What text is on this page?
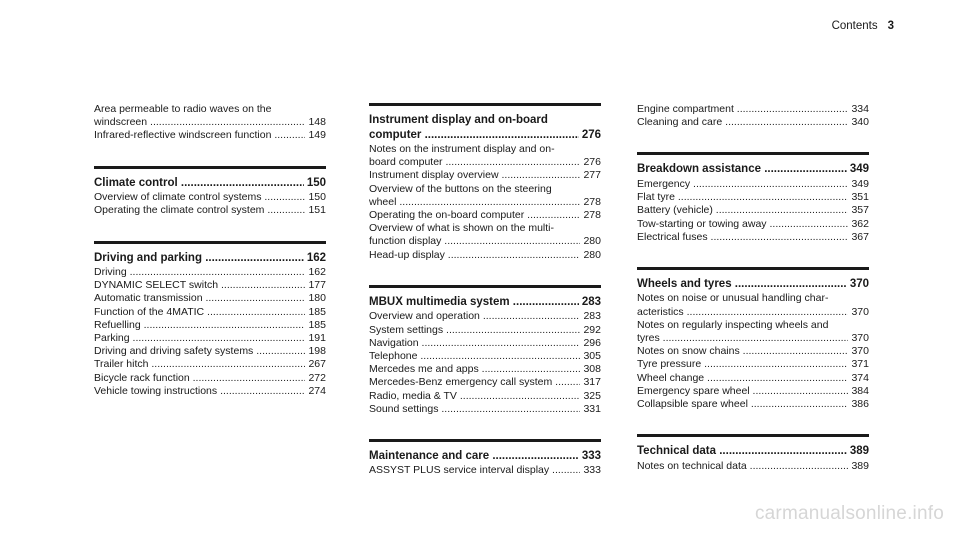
Contents 3
Area permeable to radio waves on the
windscreen .....	148
Infrared-reflective windscreen function .....	149
Climate control .....	150
Overview of climate control systems .....	150
Operating the climate control system .....	151
Driving and parking .....	162
Driving .....	162
DYNAMIC SELECT switch .....	177
Automatic transmission .....	180
Function of the 4MATIC .....	185
Refuelling .....	185
Parking .....	191
Driving and driving safety systems .....	198
Trailer hitch .....	267
Bicycle rack function .....	272
Vehicle towing instructions .....	274
Instrument display and on-board
computer .....	276
Notes on the instrument display and on-
board computer .....	276
Instrument display overview .....	277
Overview of the buttons on the steering
wheel .....	278
Operating the on-board computer .....	278
Overview of what is shown on the multi-
function display .....	280
Head-up display .....	280
MBUX multimedia system .....	283
Overview and operation .....	283
System settings .....	292
Navigation .....	296
Telephone .....	305
Mercedes me and apps .....	308
Mercedes-Benz emergency call system .....	317
Radio, media & TV .....	325
Sound settings .....	331
Maintenance and care .....	333
ASSYST PLUS service interval display .....	333
Engine compartment .....	334
Cleaning and care .....	340
Breakdown assistance .....	349
Emergency .....	349
Flat tyre .....	351
Battery (vehicle) .....	357
Tow-starting or towing away .....	362
Electrical fuses .....	367
Wheels and tyres .....	370
Notes on noise or unusual handling char-
acteristics .....	370
Notes on regularly inspecting wheels and
tyres .....	370
Notes on snow chains .....	370
Tyre pressure .....	371
Wheel change .....	374
Emergency spare wheel .....	384
Collapsible spare wheel .....	386
Technical data .....	389
Notes on technical data .....	389
carmanualsonline.info
